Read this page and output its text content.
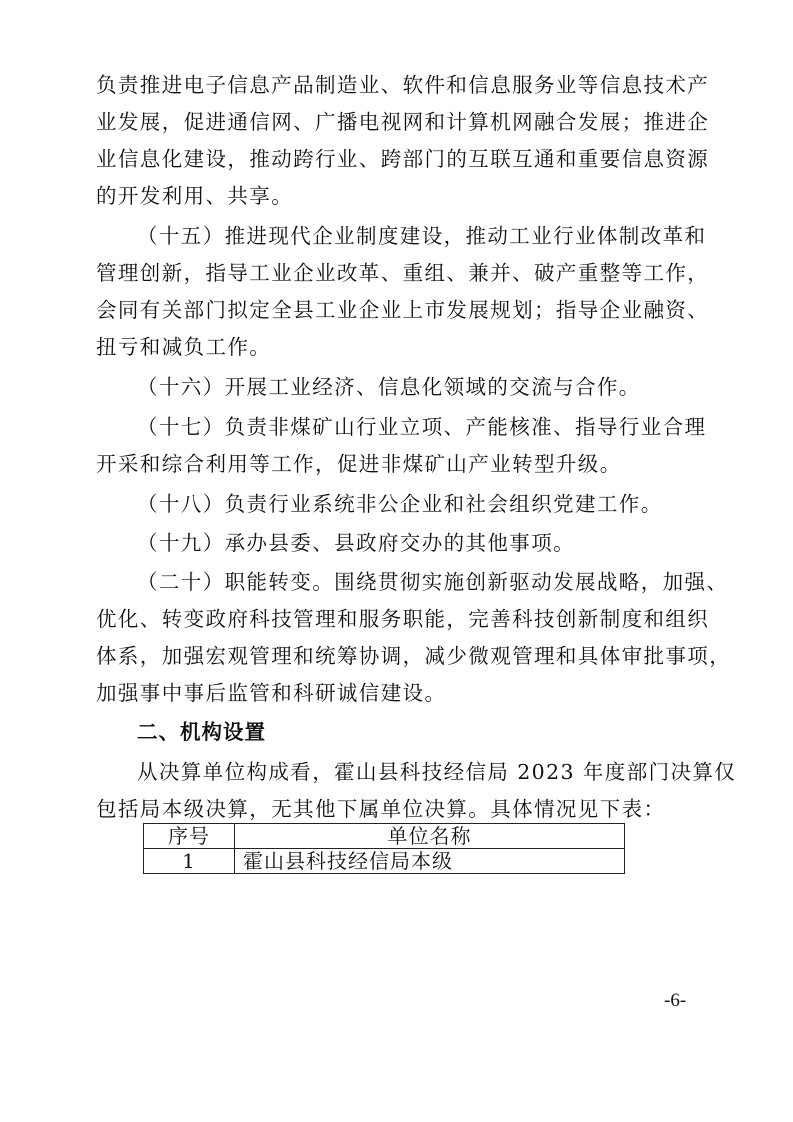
负责推进电子信息产品制造业、软件和信息服务业等信息技术产
业发展，促进通信网、广播电视网和计算机网融合发展；推进企
业信息化建设，推动跨行业、跨部门的互联互通和重要信息资源
的开发利用、共享。
（十五）推进现代企业制度建设，推动工业行业体制改革和
管理创新，指导工业企业改革、重组、兼并、破产重整等工作，
会同有关部门拟定全县工业企业上市发展规划；指导企业融资、
扭亏和减负工作。
（十六）开展工业经济、信息化领域的交流与合作。
（十七）负责非煤矿山行业立项、产能核准、指导行业合理
开采和综合利用等工作，促进非煤矿山产业转型升级。
（十八）负责行业系统非公企业和社会组织党建工作。
（十九）承办县委、县政府交办的其他事项。
（二十）职能转变。围绕贯彻实施创新驱动发展战略，加强、
优化、转变政府科技管理和服务职能，完善科技创新制度和组织
体系，加强宏观管理和统筹协调，减少微观管理和具体审批事项，
加强事中事后监管和科研诚信建设。
二、机构设置
从决算单位构成看，霍山县科技经信局 2023 年度部门决算仅
包括局本级决算，无其他下属单位决算。具体情况见下表：
序号	单位名称
1	霍山县科技经信局本级
-6-
